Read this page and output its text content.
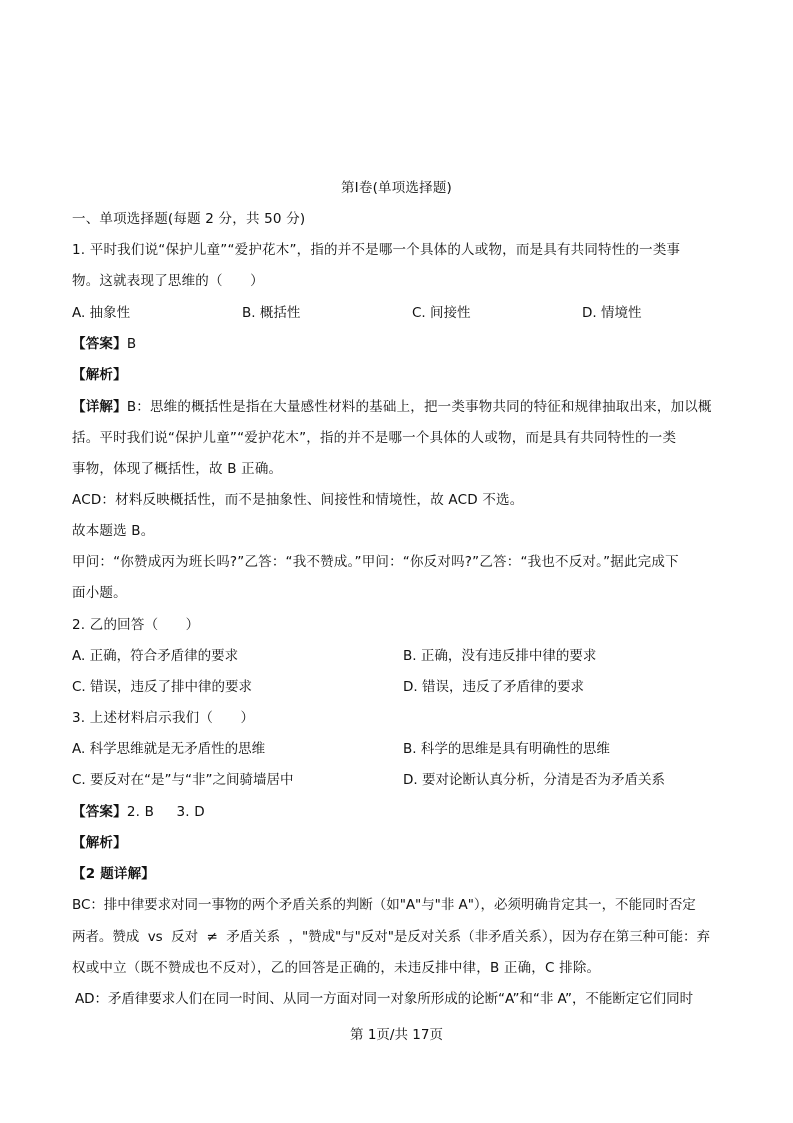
第Ⅰ卷(单项选择题)
一、单项选择题(每题 2 分，共 50 分)
1. 平时我们说“保护儿童”“爱护花木”，指的并不是哪一个具体的人或物，而是具有共同特性的一类事
物。这就表现了思维的（　　）
A. 抽象性	B. 概括性	C. 间接性	D. 情境性
【答案】B
【解析】
【详解】B：思维的概括性是指在大量感性材料的基础上，把一类事物共同的特征和规律抽取出来，加以概
括。平时我们说“保护儿童”“爱护花木”，指的并不是哪一个具体的人或物，而是具有共同特性的一类
事物，体现了概括性，故 B 正确。
ACD：材料反映概括性，而不是抽象性、间接性和情境性，故 ACD 不选。
故本题选 B。
甲问：“你赞成丙为班长吗?”乙答：“我不赞成。”甲问：“你反对吗?”乙答：“我也不反对。”据此完成下
面小题。
2. 乙的回答（　　）
A. 正确，符合矛盾律的要求	B. 正确，没有违反排中律的要求
C. 错误，违反了排中律的要求	D. 错误，违反了矛盾律的要求
3. 上述材料启示我们（　　）
A. 科学思维就是无矛盾性的思维	B. 科学的思维是具有明确性的思维
C. 要反对在“是”与“非”之间骑墙居中	D. 要对论断认真分析，分清是否为矛盾关系
【答案】2. B     3. D
【解析】
【2 题详解】
BC：排中律要求对同一事物的两个矛盾关系的判断（如"A"与"非 A"），必须明确肯定其一，不能同时否定
两者。赞成  vs  反对  ≠  矛盾关系  ，"赞成"与"反对"是反对关系（非矛盾关系），因为存在第三种可能：弃
权或中立（既不赞成也不反对），乙的回答是正确的，未违反排中律，B 正确，C 排除。
AD：矛盾律要求人们在同一时间、从同一方面对同一对象所形成的论断“A”和“非 A”，不能断定它们同时
第 1页/共 17页
